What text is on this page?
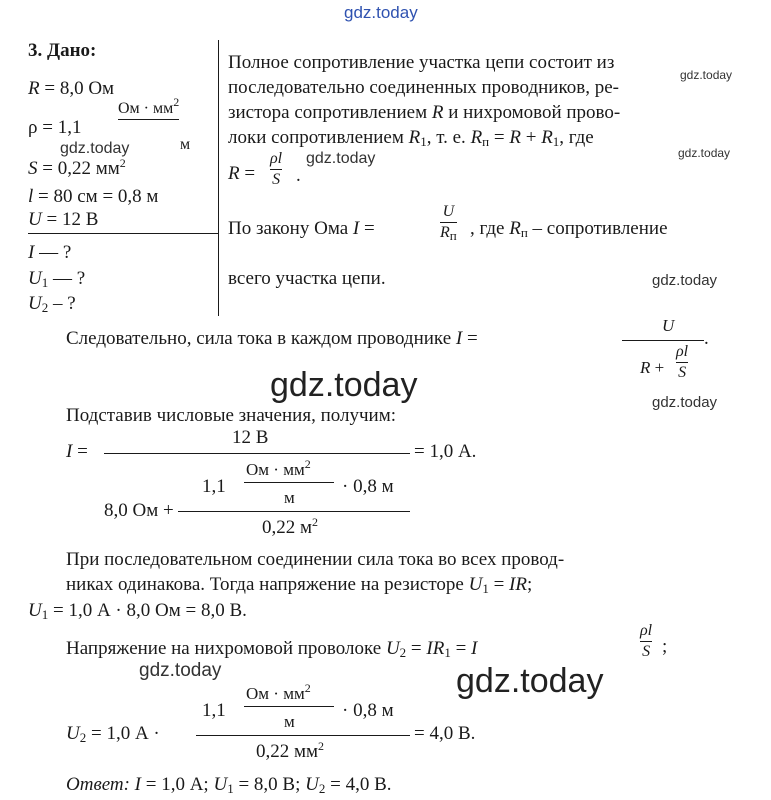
gdz.today
gdz.today
gdz.today	gdz.today
gdz.today
gdz.today
gdz.today	gdz.today
gdz.today	gdz.today
3. Дано:
R = 8,0 Ом
ρ = 1,1
Ом · $мм^2$
м
S = 0,22 $мм^2$
l = 80 см = 0,8 м
U = 12 В
I — ?
$U_1$ — ?
$U_2$ – ?
Полное сопротивление участка цепи состоит из
последовательно соединенных проводников, ре-
зистора сопротивлением R и нихромовой прово-
локи сопротивлением $R_1$, т. е. $R_п = R + R_1$, где
R =
ρl
S .
По закону Ома I =
U
$R_п$ , где $R_п$ – сопротивление
всего участка цепи.
Следовательно, сила тока в каждом проводнике I =
U
.
R +
ρl
S
Подставив числовые значения, получим:
I =
12 В
= 1,0 А.
1,1
Ом · $мм^2$
м
· 0,8 м
8,0 Ом +
0,22 $м^2$
При последовательном соединении сила тока во всех провод-
никах одинакова. Тогда напряжение на резисторе $U_1$ = IR;
$U_1 = 1,0$ А · 8,0 Ом = 8,0 В.
Напряжение на нихромовой проволоке $U_2 = IR_1 = I$
ρl
S ;
1,1
Ом · $мм^2$
м
· 0,8 м
$U_2 = 1,0$ А ·	= 4,0 В.
0,22 $мм^2$
Ответ: I = 1,0 А; $U_1 = 8,0$ В; $U_2 = 4,0$ В.
